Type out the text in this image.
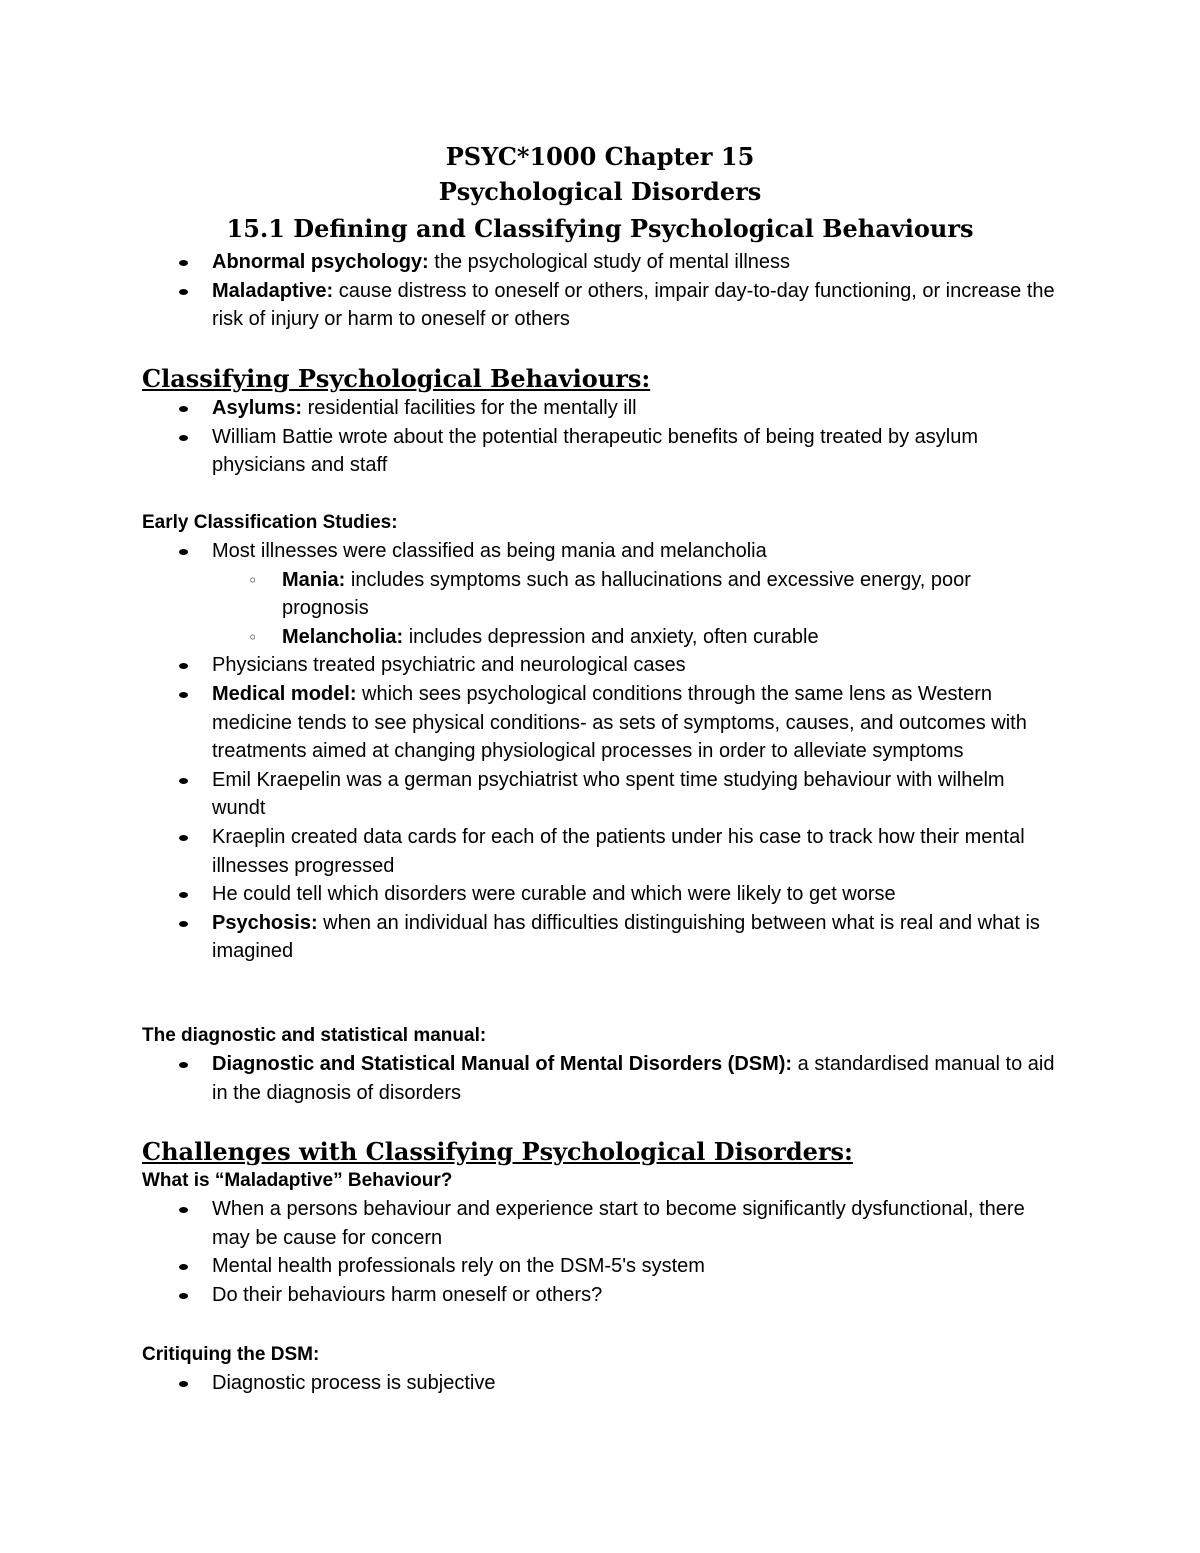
PSYC*1000 Chapter 15
Psychological Disorders
15.1 Defining and Classifying Psychological Behaviours
Abnormal psychology: the psychological study of mental illness
Maladaptive: cause distress to oneself or others, impair day-to-day functioning, or increase the risk of injury or harm to oneself or others
Classifying Psychological Behaviours:
Asylums: residential facilities for the mentally ill
William Battie wrote about the potential therapeutic benefits of being treated by asylum physicians and staff
Early Classification Studies:
Most illnesses were classified as being mania and melancholia
◦ Mania: includes symptoms such as hallucinations and excessive energy, poor prognosis
◦ Melancholia: includes depression and anxiety, often curable
Physicians treated psychiatric and neurological cases
Medical model: which sees psychological conditions through the same lens as Western medicine tends to see physical conditions- as sets of symptoms, causes, and outcomes with treatments aimed at changing physiological processes in order to alleviate symptoms
Emil Kraepelin was a german psychiatrist who spent time studying behaviour with wilhelm wundt
Kraeplin created data cards for each of the patients under his case to track how their mental illnesses progressed
He could tell which disorders were curable and which were likely to get worse
Psychosis: when an individual has difficulties distinguishing between what is real and what is imagined
The diagnostic and statistical manual:
Diagnostic and Statistical Manual of Mental Disorders (DSM): a standardised manual to aid in the diagnosis of disorders
Challenges with Classifying Psychological Disorders:
What is “Maladaptive” Behaviour?
When a persons behaviour and experience start to become significantly dysfunctional, there may be cause for concern
Mental health professionals rely on the DSM-5's system
Do their behaviours harm oneself or others?
Critiquing the DSM:
Diagnostic process is subjective
